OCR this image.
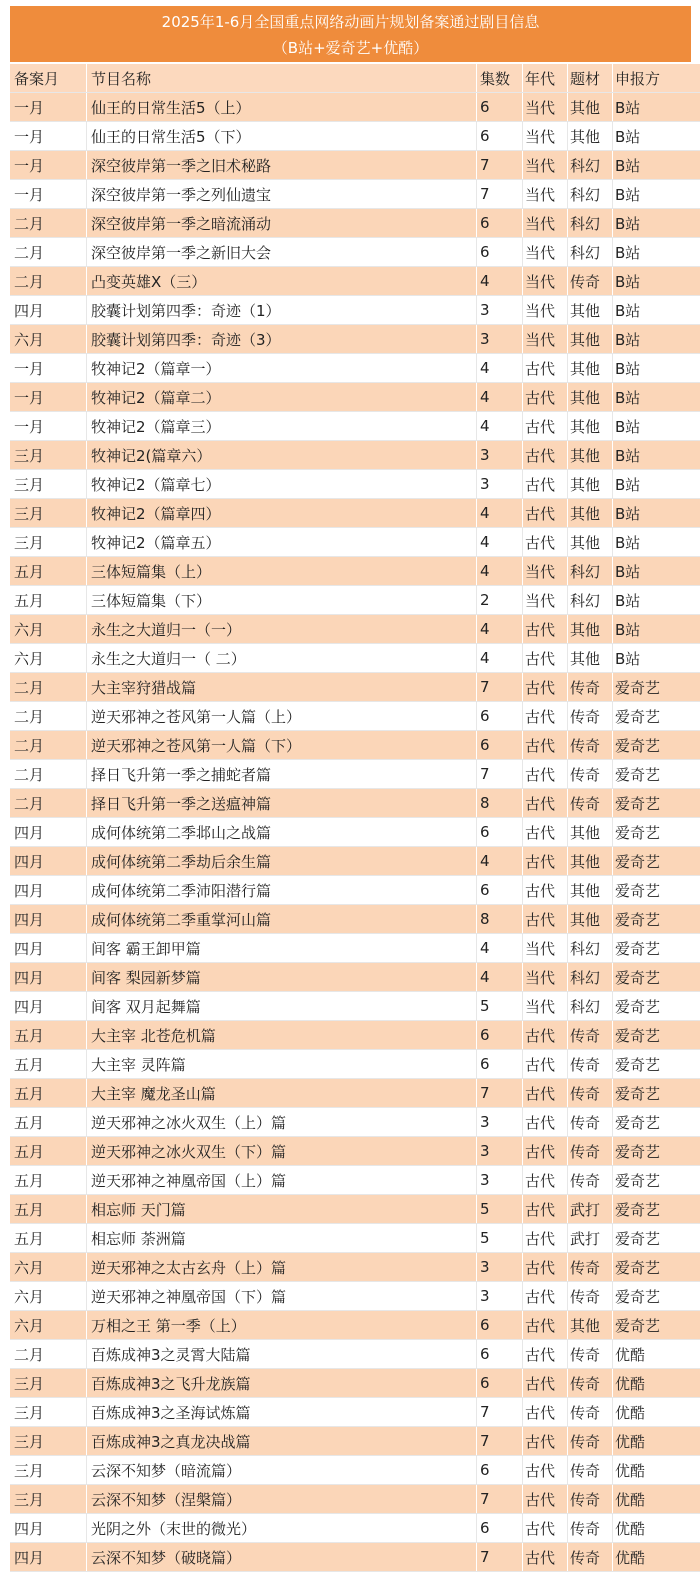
2025年1-6月全国重点网络动画片规划备案通过剧目信息
（B站+爱奇艺+优酷）
备案月	节目名称	集数	年代	题材	申报方
一月	仙王的日常生活5（上）	6	当代	其他	B站
一月	仙王的日常生活5（下）	6	当代	其他	B站
一月	深空彼岸第一季之旧术秘路	7	当代	科幻	B站
一月	深空彼岸第一季之列仙遗宝	7	当代	科幻	B站
二月	深空彼岸第一季之暗流涌动	6	当代	科幻	B站
二月	深空彼岸第一季之新旧大会	6	当代	科幻	B站
二月	凸变英雄X（三）	4	当代	传奇	B站
四月	胶囊计划第四季：奇迹（1）	3	当代	其他	B站
六月	胶囊计划第四季：奇迹（3）	3	当代	其他	B站
一月	牧神记2（篇章一）	4	古代	其他	B站
一月	牧神记2（篇章二）	4	古代	其他	B站
一月	牧神记2（篇章三）	4	古代	其他	B站
三月	牧神记2(篇章六）	3	古代	其他	B站
三月	牧神记2（篇章七）	3	古代	其他	B站
三月	牧神记2（篇章四）	4	古代	其他	B站
三月	牧神记2（篇章五）	4	古代	其他	B站
五月	三体短篇集（上）	4	当代	科幻	B站
五月	三体短篇集（下）	2	当代	科幻	B站
六月	永生之大道归一（一）	4	古代	其他	B站
六月	永生之大道归一（ 二）	4	古代	其他	B站
二月	大主宰狩猎战篇	7	古代	传奇	爱奇艺
二月	逆天邪神之苍风第一人篇（上）	6	古代	传奇	爱奇艺
二月	逆天邪神之苍风第一人篇（下）	6	古代	传奇	爱奇艺
二月	择日飞升第一季之捕蛇者篇	7	古代	传奇	爱奇艺
二月	择日飞升第一季之送瘟神篇	8	古代	传奇	爱奇艺
四月	成何体统第二季邶山之战篇	6	古代	其他	爱奇艺
四月	成何体统第二季劫后余生篇	4	古代	其他	爱奇艺
四月	成何体统第二季沛阳潜行篇	6	古代	其他	爱奇艺
四月	成何体统第二季重掌河山篇	8	古代	其他	爱奇艺
四月	间客 霸王卸甲篇	4	当代	科幻	爱奇艺
四月	间客 梨园新梦篇	4	当代	科幻	爱奇艺
四月	间客 双月起舞篇	5	当代	科幻	爱奇艺
五月	大主宰 北苍危机篇	6	古代	传奇	爱奇艺
五月	大主宰 灵阵篇	6	古代	传奇	爱奇艺
五月	大主宰 魔龙圣山篇	7	古代	传奇	爱奇艺
五月	逆天邪神之冰火双生（上）篇	3	古代	传奇	爱奇艺
五月	逆天邪神之冰火双生（下）篇	3	古代	传奇	爱奇艺
五月	逆天邪神之神凰帝国（上）篇	3	古代	传奇	爱奇艺
五月	相忘师 天门篇	5	古代	武打	爱奇艺
五月	相忘师 荼洲篇	5	古代	武打	爱奇艺
六月	逆天邪神之太古玄舟（上）篇	3	古代	传奇	爱奇艺
六月	逆天邪神之神凰帝国（下）篇	3	古代	传奇	爱奇艺
六月	万相之王 第一季（上）	6	古代	其他	爱奇艺
二月	百炼成神3之灵霄大陆篇	6	古代	传奇	优酷
三月	百炼成神3之飞升龙族篇	6	古代	传奇	优酷
三月	百炼成神3之圣海试炼篇	7	古代	传奇	优酷
三月	百炼成神3之真龙决战篇	7	古代	传奇	优酷
三月	云深不知梦（暗流篇）	6	古代	传奇	优酷
三月	云深不知梦（涅槃篇）	7	古代	传奇	优酷
四月	光阴之外（末世的微光）	6	古代	传奇	优酷
四月	云深不知梦（破晓篇）	7	古代	传奇	优酷
